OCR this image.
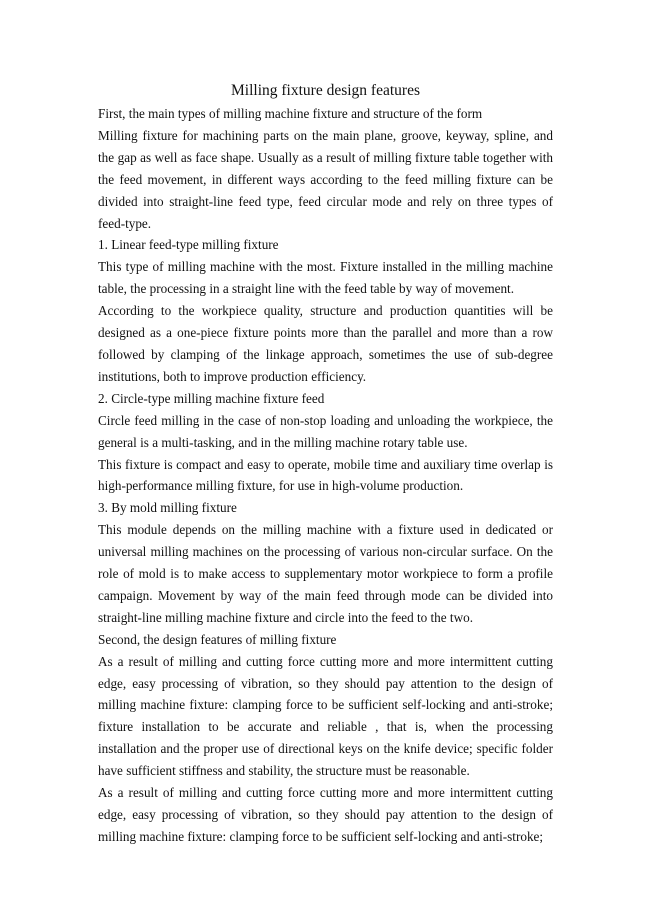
Milling fixture design features

First, the main types of milling machine fixture and structure of the form

Milling fixture for machining parts on the main plane, groove, keyway, spline, and the gap as well as face shape. Usually as a result of milling fixture table together with the feed movement, in different ways according to the feed milling fixture can be divided into straight-line feed type, feed circular mode and rely on three types of feed-type.

1. Linear feed-type milling fixture

This type of milling machine with the most. Fixture installed in the milling machine table, the processing in a straight line with the feed table by way of movement.

According to the workpiece quality, structure and production quantities will be designed as a one-piece fixture points more than the parallel and more than a row followed by clamping of the linkage approach, sometimes the use of sub-degree institutions, both to improve production efficiency.

2. Circle-type milling machine fixture feed

Circle feed milling in the case of non-stop loading and unloading the workpiece, the general is a multi-tasking, and in the milling machine rotary table use.

This fixture is compact and easy to operate, mobile time and auxiliary time overlap is high-performance milling fixture, for use in high-volume production.

3. By mold milling fixture

This module depends on the milling machine with a fixture used in dedicated or universal milling machines on the processing of various non-circular surface. On the role of mold is to make access to supplementary motor workpiece to form a profile campaign. Movement by way of the main feed through mode can be divided into straight-line milling machine fixture and circle into the feed to the two.

Second, the design features of milling fixture

As a result of milling and cutting force cutting more and more intermittent cutting edge, easy processing of vibration, so they should pay attention to the design of milling machine fixture: clamping force to be sufficient self-locking and anti-stroke; fixture installation to be accurate and reliable , that is, when the processing installation and the proper use of directional keys on the knife device; specific folder have sufficient stiffness and stability, the structure must be reasonable.

As a result of milling and cutting force cutting more and more intermittent cutting edge, easy processing of vibration, so they should pay attention to the design of milling machine fixture: clamping force to be sufficient self-locking and anti-stroke;
